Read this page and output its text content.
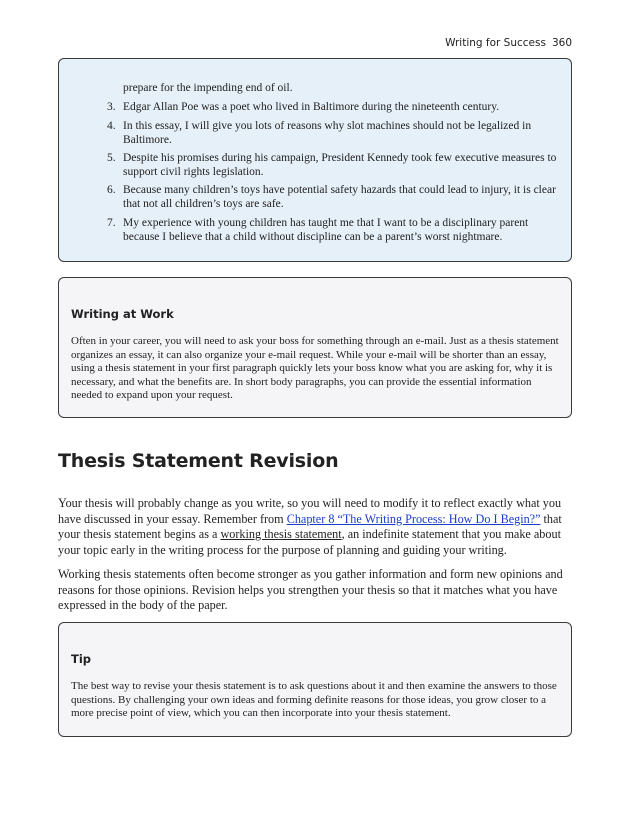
Writing for Success 360
prepare for the impending end of oil.
3. Edgar Allan Poe was a poet who lived in Baltimore during the nineteenth century.
4. In this essay, I will give you lots of reasons why slot machines should not be legalized in Baltimore.
5. Despite his promises during his campaign, President Kennedy took few executive measures to support civil rights legislation.
6. Because many children’s toys have potential safety hazards that could lead to injury, it is clear that not all children’s toys are safe.
7. My experience with young children has taught me that I want to be a disciplinary parent because I believe that a child without discipline can be a parent’s worst nightmare.
Writing at Work

Often in your career, you will need to ask your boss for something through an e-mail. Just as a thesis statement organizes an essay, it can also organize your e-mail request. While your e-mail will be shorter than an essay, using a thesis statement in your first paragraph quickly lets your boss know what you are asking for, why it is necessary, and what the benefits are. In short body paragraphs, you can provide the essential information needed to expand upon your request.

Thesis Statement Revision

Your thesis will probably change as you write, so you will need to modify it to reflect exactly what you have discussed in your essay. Remember from Chapter 8 “The Writing Process: How Do I Begin?” that your thesis statement begins as a working thesis statement, an indefinite statement that you make about your topic early in the writing process for the purpose of planning and guiding your writing.

Working thesis statements often become stronger as you gather information and form new opinions and reasons for those opinions. Revision helps you strengthen your thesis so that it matches what you have expressed in the body of the paper.

Tip

The best way to revise your thesis statement is to ask questions about it and then examine the answers to those questions. By challenging your own ideas and forming definite reasons for those ideas, you grow closer to a more precise point of view, which you can then incorporate into your thesis statement.
